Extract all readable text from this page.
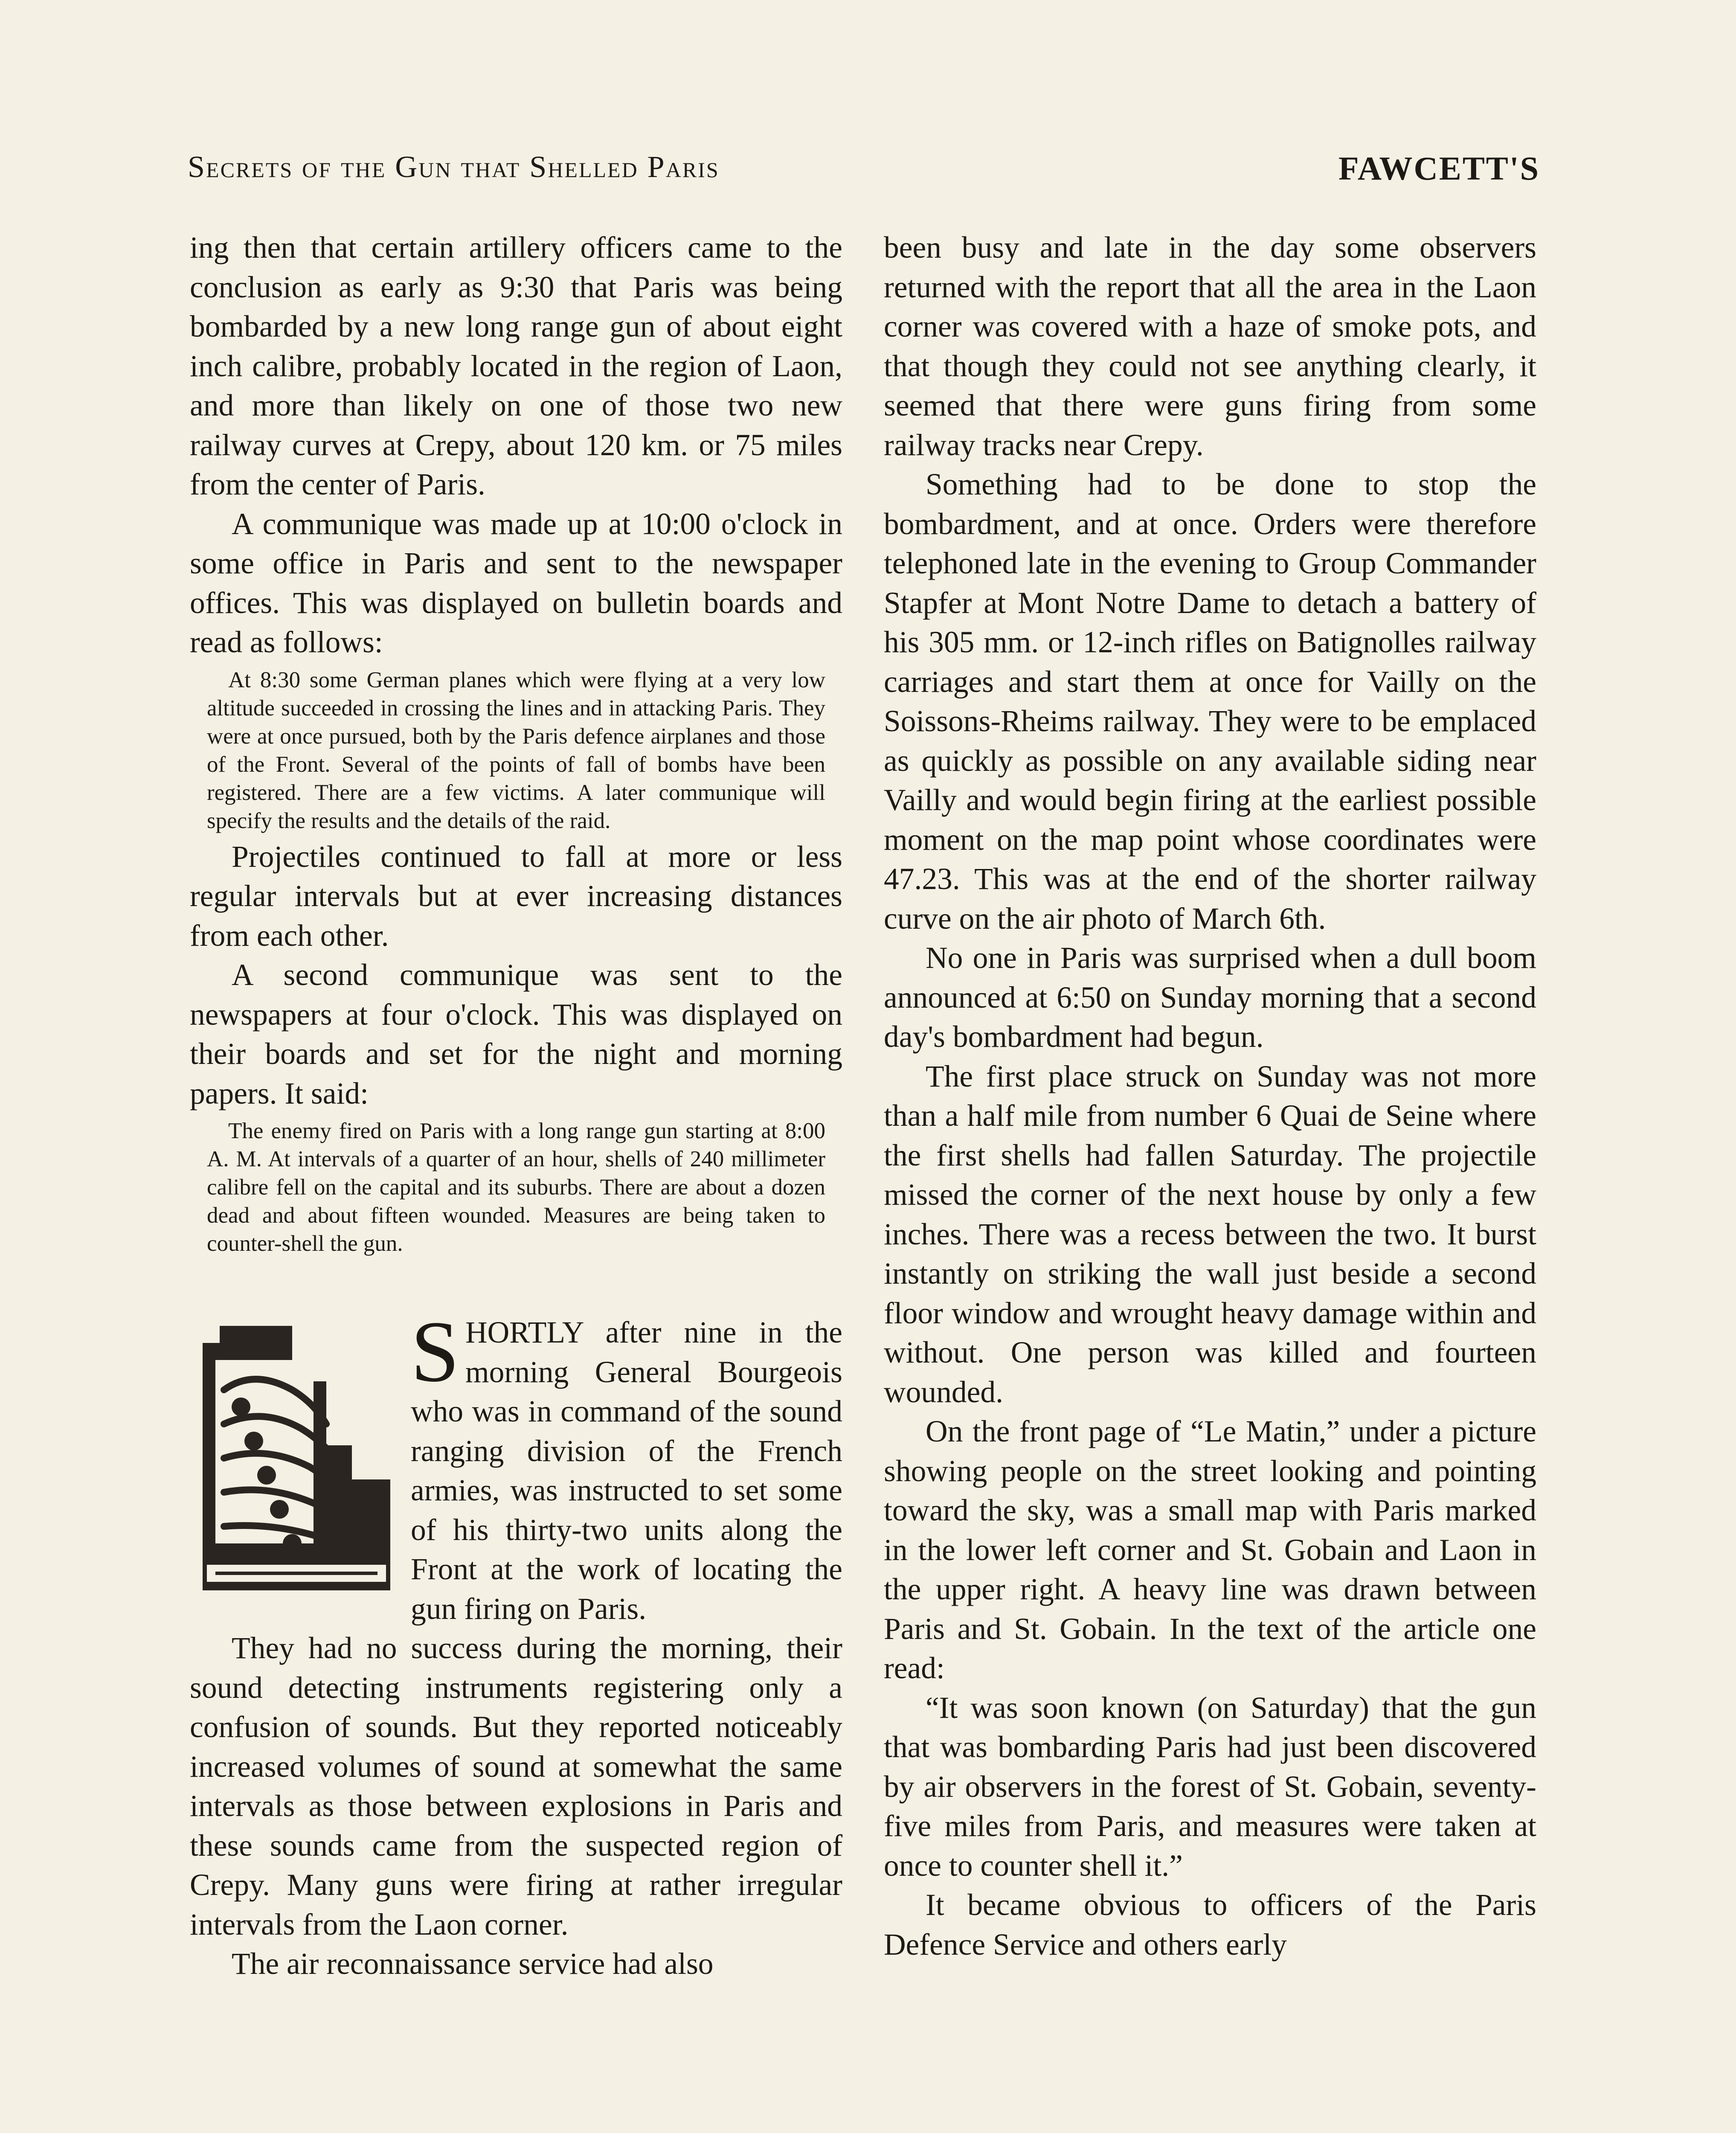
Secrets of the Gun that Shelled Paris	FAWCETT'S

ing then that certain artillery officers came to the conclusion as early as 9:30 that Paris was being bombarded by a new long range gun of about eight inch calibre, probably located in the region of Laon, and more than likely on one of those two new railway curves at Crepy, about 120 km. or 75 miles from the center of Paris.

A communique was made up at 10:00 o'clock in some office in Paris and sent to the newspaper offices. This was displayed on bulletin boards and read as follows:

At 8:30 some German planes which were flying at a very low altitude succeeded in crossing the lines and in attacking Paris. They were at once pursued, both by the Paris defence airplanes and those of the Front. Several of the points of fall of bombs have been registered. There are a few victims. A later communique will specify the results and the details of the raid.

Projectiles continued to fall at more or less regular intervals but at ever increasing distances from each other.

A second communique was sent to the newspapers at four o'clock. This was displayed on their boards and set for the night and morning papers. It said:

The enemy fired on Paris with a long range gun starting at 8:00 A. M. At intervals of a quarter of an hour, shells of 240 millimeter calibre fell on the capital and its suburbs. There are about a dozen dead and about fifteen wounded. Measures are being taken to counter-shell the gun.
S HORTLY after nine in the morning General Bourgeois who was in command of the sound ranging division of the French armies, was instructed to set some of his thirty-two units along the Front at the work of locating the gun firing on Paris.

They had no success during the morning, their sound detecting instruments registering only a confusion of sounds. But they reported noticeably increased volumes of sound at somewhat the same intervals as those between explosions in Paris and these sounds came from the suspected region of Crepy. Many guns were firing at rather irregular intervals from the Laon corner.

The air reconnaissance service had also

been busy and late in the day some observers returned with the report that all the area in the Laon corner was covered with a haze of smoke pots, and that though they could not see anything clearly, it seemed that there were guns firing from some railway tracks near Crepy.

Something had to be done to stop the bombardment, and at once. Orders were therefore telephoned late in the evening to Group Commander Stapfer at Mont Notre Dame to detach a battery of his 305 mm. or 12-inch rifles on Batignolles railway carriages and start them at once for Vailly on the Soissons-Rheims railway. They were to be emplaced as quickly as possible on any available siding near Vailly and would begin firing at the earliest possible moment on the map point whose coordinates were 47.23. This was at the end of the shorter railway curve on the air photo of March 6th.

No one in Paris was surprised when a dull boom announced at 6:50 on Sunday morning that a second day's bombardment had begun.

The first place struck on Sunday was not more than a half mile from number 6 Quai de Seine where the first shells had fallen Saturday. The projectile missed the corner of the next house by only a few inches. There was a recess between the two. It burst instantly on striking the wall just beside a second floor window and wrought heavy damage within and without. One person was killed and fourteen wounded.

On the front page of “Le Matin,” under a picture showing people on the street looking and pointing toward the sky, was a small map with Paris marked in the lower left corner and St. Gobain and Laon in the upper right. A heavy line was drawn between Paris and St. Gobain. In the text of the article one read:

“It was soon known (on Saturday) that the gun that was bombarding Paris had just been discovered by air observers in the forest of St. Gobain, seventy-five miles from Paris, and measures were taken at once to counter shell it.”

It became obvious to officers of the Paris Defence Service and others early
